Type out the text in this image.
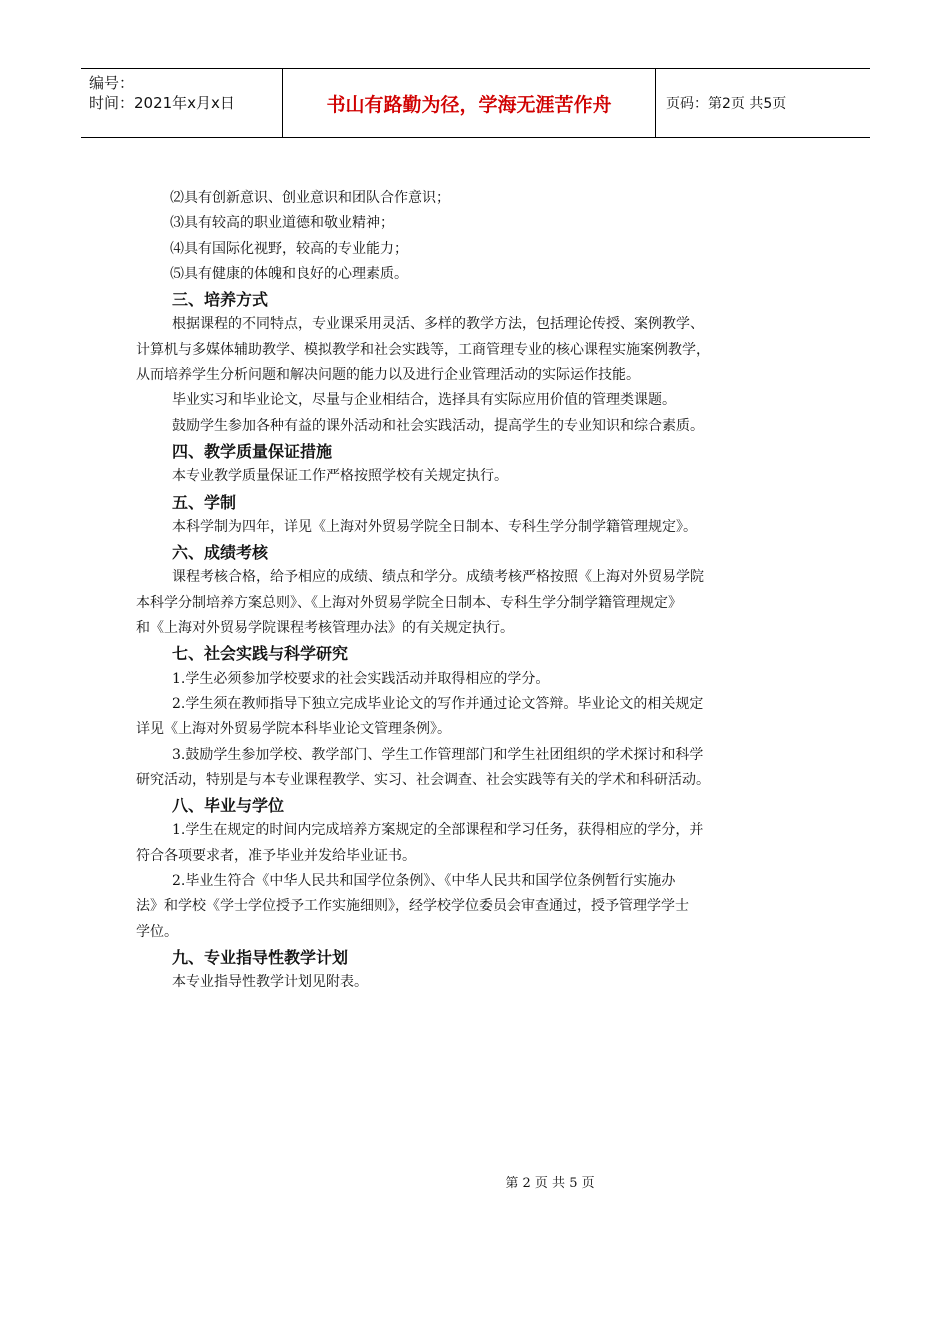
编号：
时间：2021年x月x日	书山有路勤为径，学海无涯苦作舟	页码：第2页 共5页

⑵具有创新意识、创业意识和团队合作意识；

⑶具有较高的职业道德和敬业精神；

⑷具有国际化视野，较高的专业能力；

⑸具有健康的体魄和良好的心理素质。

三、培养方式

根据课程的不同特点，专业课采用灵活、多样的教学方法，包括理论传授、案例教学、

计算机与多媒体辅助教学、模拟教学和社会实践等，工商管理专业的核心课程实施案例教学，

从而培养学生分析问题和解决问题的能力以及进行企业管理活动的实际运作技能。

毕业实习和毕业论文，尽量与企业相结合，选择具有实际应用价值的管理类课题。

鼓励学生参加各种有益的课外活动和社会实践活动，提高学生的专业知识和综合素质。

四、教学质量保证措施

本专业教学质量保证工作严格按照学校有关规定执行。

五、学制

本科学制为四年，详见《上海对外贸易学院全日制本、专科生学分制学籍管理规定》。

六、成绩考核

课程考核合格，给予相应的成绩、绩点和学分。成绩考核严格按照《上海对外贸易学院

本科学分制培养方案总则》、《上海对外贸易学院全日制本、专科生学分制学籍管理规定》

和《上海对外贸易学院课程考核管理办法》的有关规定执行。

七、社会实践与科学研究

1.学生必须参加学校要求的社会实践活动并取得相应的学分。

2.学生须在教师指导下独立完成毕业论文的写作并通过论文答辩。毕业论文的相关规定

详见《上海对外贸易学院本科毕业论文管理条例》。

3.鼓励学生参加学校、教学部门、学生工作管理部门和学生社团组织的学术探讨和科学

研究活动，特别是与本专业课程教学、实习、社会调查、社会实践等有关的学术和科研活动。

八、毕业与学位

1.学生在规定的时间内完成培养方案规定的全部课程和学习任务，获得相应的学分，并

符合各项要求者，准予毕业并发给毕业证书。

2.毕业生符合《中华人民共和国学位条例》、《中华人民共和国学位条例暂行实施办

法》和学校《学士学位授予工作实施细则》，经学校学位委员会审查通过，授予管理学学士

学位。

九、专业指导性教学计划

本专业指导性教学计划见附表。

第 2 页 共 5 页
